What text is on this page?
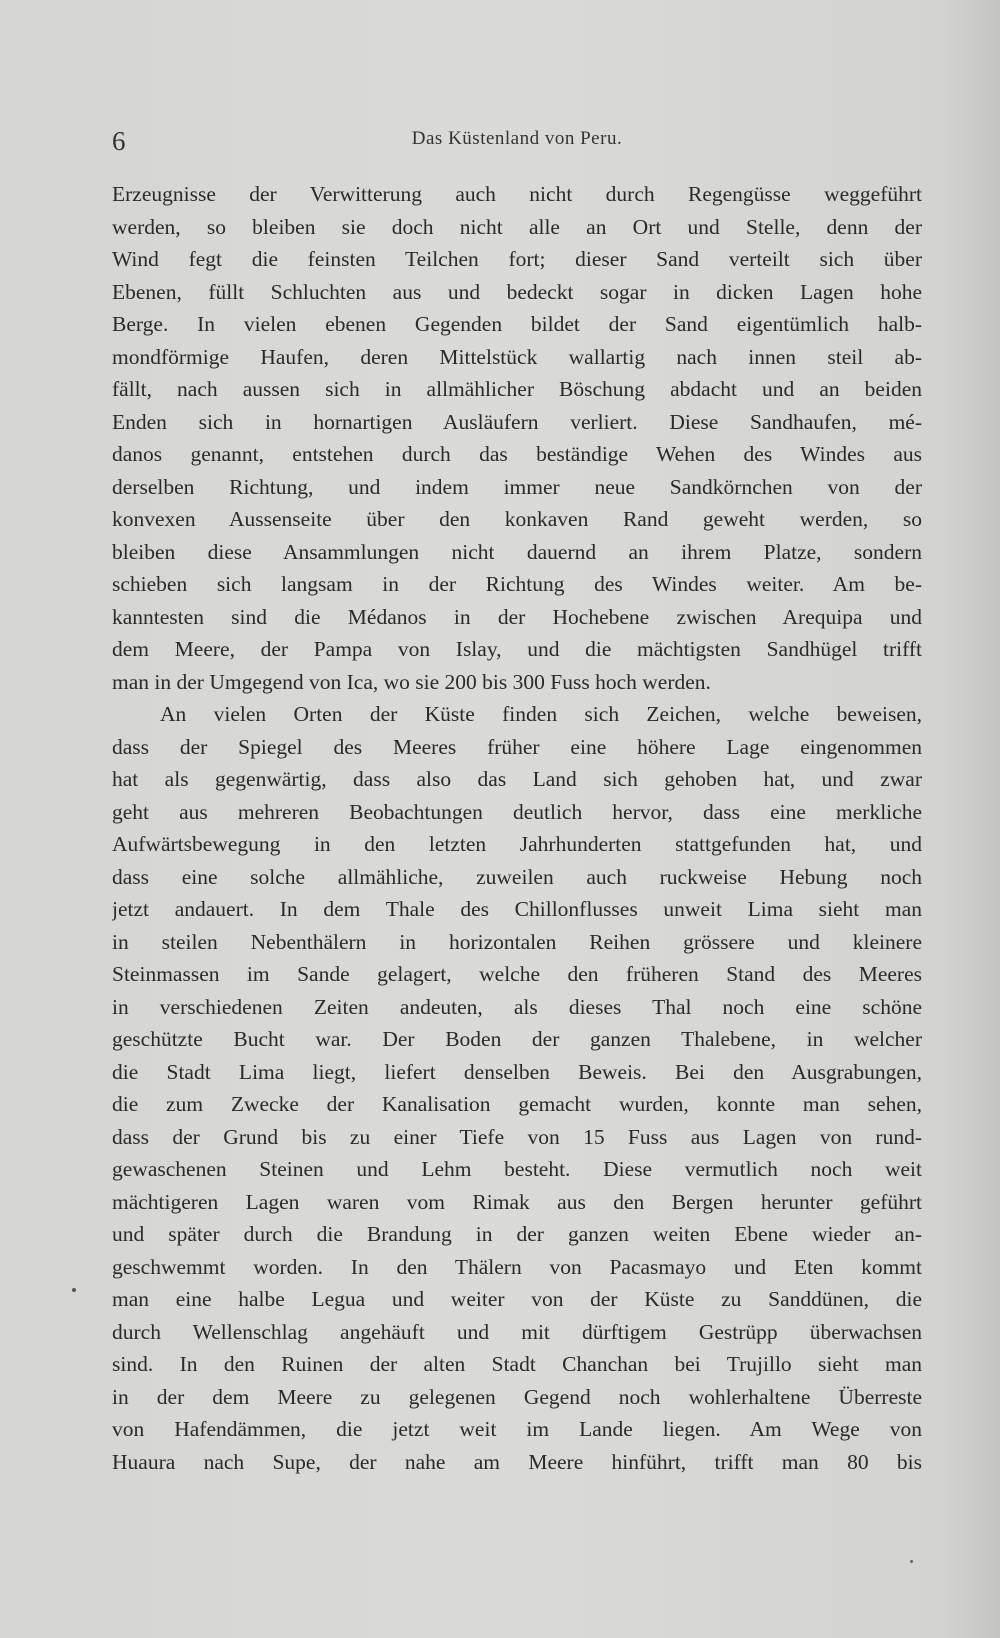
6	Das Küstenland von Peru.
Erzeugnisse der Verwitterung auch nicht durch Regengüsse weggeführt
werden, so bleiben sie doch nicht alle an Ort und Stelle, denn der
Wind fegt die feinsten Teilchen fort; dieser Sand verteilt sich über
Ebenen, füllt Schluchten aus und bedeckt sogar in dicken Lagen hohe
Berge. In vielen ebenen Gegenden bildet der Sand eigentümlich halb-
mondförmige Haufen, deren Mittelstück wallartig nach innen steil ab-
fällt, nach aussen sich in allmählicher Böschung abdacht und an beiden
Enden sich in hornartigen Ausläufern verliert. Diese Sandhaufen, mé-
danos genannt, entstehen durch das beständige Wehen des Windes aus
derselben Richtung, und indem immer neue Sandkörnchen von der
konvexen Aussenseite über den konkaven Rand geweht werden, so
bleiben diese Ansammlungen nicht dauernd an ihrem Platze, sondern
schieben sich langsam in der Richtung des Windes weiter. Am be-
kanntesten sind die Médanos in der Hochebene zwischen Arequipa und
dem Meere, der Pampa von Islay, und die mächtigsten Sandhügel trifft
man in der Umgegend von Ica, wo sie 200 bis 300 Fuss hoch werden.
An vielen Orten der Küste finden sich Zeichen, welche beweisen,
dass der Spiegel des Meeres früher eine höhere Lage eingenommen
hat als gegenwärtig, dass also das Land sich gehoben hat, und zwar
geht aus mehreren Beobachtungen deutlich hervor, dass eine merkliche
Aufwärtsbewegung in den letzten Jahrhunderten stattgefunden hat, und
dass eine solche allmähliche, zuweilen auch ruckweise Hebung noch
jetzt andauert. In dem Thale des Chillonflusses unweit Lima sieht man
in steilen Nebenthälern in horizontalen Reihen grössere und kleinere
Steinmassen im Sande gelagert, welche den früheren Stand des Meeres
in verschiedenen Zeiten andeuten, als dieses Thal noch eine schöne
geschützte Bucht war. Der Boden der ganzen Thalebene, in welcher
die Stadt Lima liegt, liefert denselben Beweis. Bei den Ausgrabungen,
die zum Zwecke der Kanalisation gemacht wurden, konnte man sehen,
dass der Grund bis zu einer Tiefe von 15 Fuss aus Lagen von rund-
gewaschenen Steinen und Lehm besteht. Diese vermutlich noch weit
mächtigeren Lagen waren vom Rimak aus den Bergen herunter geführt
und später durch die Brandung in der ganzen weiten Ebene wieder an-
geschwemmt worden. In den Thälern von Pacasmayo und Eten kommt
man eine halbe Legua und weiter von der Küste zu Sanddünen, die
durch Wellenschlag angehäuft und mit dürftigem Gestrüpp überwachsen
sind. In den Ruinen der alten Stadt Chanchan bei Trujillo sieht man
in der dem Meere zu gelegenen Gegend noch wohlerhaltene Überreste
von Hafendämmen, die jetzt weit im Lande liegen. Am Wege von
Huaura nach Supe, der nahe am Meere hinführt, trifft man 80 bis
